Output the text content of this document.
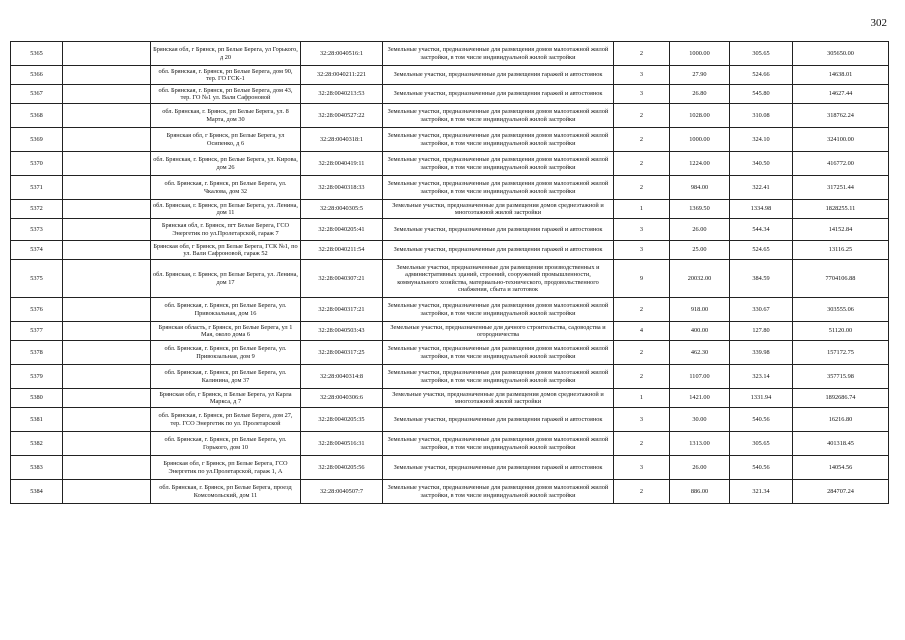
302
5365		Брянская обл, г Брянск, рп Белые Берега, ул Горького, д 20	32:28:0040516:1	Земельные участки, предназначенные для размещения домов малоэтажной жилой застройки, в том числе индивидуальной жилой застройки	2	1000.00	305.65	305650.00
5366		обл. Брянская, г. Брянск, рп Белые Берега, дом 90, тер. ГО ГСК-1	32:28:0040211:221	Земельные участки, предназначенные для размещения гаражей и автостоянок	3	27.90	524.66	14638.01
5367		обл. Брянская, г. Брянск, рп Белые Берега, дом 43, тер. ГО №1 ул. Вали Сафроновой	32:28:0040213:53	Земельные участки, предназначенные для размещения гаражей и автостоянок	3	26.80	545.80	14627.44
5368		обл. Брянская, г. Брянск, рп Белые Берега, ул. 8 Марта, дом 30	32:28:0040527:22	Земельные участки, предназначенные для размещения домов малоэтажной жилой застройки, в том числе индивидуальной жилой застройки	2	1028.00	310.08	318762.24
5369		Брянская обл, г Брянск, рп Белые Берега, ул Осипенко, д 6	32:28:0040318:1	Земельные участки, предназначенные для размещения домов малоэтажной жилой застройки, в том числе индивидуальной жилой застройки	2	1000.00	324.10	324100.00
5370		обл. Брянская, г. Брянск, рп Белые Берега, ул. Кирова, дом 26	32:28:0040419:11	Земельные участки, предназначенные для размещения домов малоэтажной жилой застройки, в том числе индивидуальной жилой застройки	2	1224.00	340.50	416772.00
5371		обл. Брянская, г. Брянск, рп Белые Берега, ул. Чкалова, дом 32	32:28:0040318:33	Земельные участки, предназначенные для размещения домов малоэтажной жилой застройки, в том числе индивидуальной жилой застройки	2	984.00	322.41	317251.44
5372		обл. Брянская, г. Брянск, рп Белые Берега, ул. Ленина, дом 11	32:28:0040305:5	Земельные участки, предназначенные для размещения домов среднеэтажной и многоэтажной жилой застройки	1	1369.50	1334.98	1828255.11
5373		Брянская обл, г. Брянск, пгт Белые Берега, ГСО Энергетик по ул.Пролетарской, гараж 7	32:28:0040205:41	Земельные участки, предназначенные для размещения гаражей и автостоянок	3	26.00	544.34	14152.84
5374		Брянская обл, г Брянск, рп Белые Берега, ГСК №1, по ул. Вали Сафроновой, гараж 52	32:28:0040211:54	Земельные участки, предназначенные для размещения гаражей и автостоянок	3	25.00	524.65	13116.25
5375		обл. Брянская, г. Брянск, рп Белые Берега, ул. Ленина, дом 17	32:28:0040307:21	Земельные участки, предназначенные для размещения производственных и административных зданий, строений, сооружений промышленности, коммунального хозяйства, материально-технического, продовольственного снабжения, сбыта и заготовок	9	20032.00	384.59	7704106.88
5376		обл. Брянская, г. Брянск, рп Белые Берега, ул. Привокзальная, дом 16	32:28:0040317:21	Земельные участки, предназначенные для размещения домов малоэтажной жилой застройки, в том числе индивидуальной жилой застройки	2	918.00	330.67	303555.06
5377		Брянская область, г Брянск, рп Белые Берега, ул 1 Мая, около дома 6	32:28:0040503:43	Земельные участки, предназначенные для дачного строительства, садоводства и огородничества	4	400.00	127.80	51120.00
5378		обл. Брянская, г. Брянск, рп Белые Берега, ул. Привокзальная, дом 9	32:28:0040317:25	Земельные участки, предназначенные для размещения домов малоэтажной жилой застройки, в том числе индивидуальной жилой застройки	2	462.30	339.98	157172.75
5379		обл. Брянская, г. Брянск, рп Белые Берега, ул. Калинина, дом 37	32:28:0040314:8	Земельные участки, предназначенные для размещения домов малоэтажной жилой застройки, в том числе индивидуальной жилой застройки	2	1107.00	323.14	357715.98
5380		Брянская обл, г Брянск, п Белые Берега, ул Карла Маркса, д 7	32:28:0040306:6	Земельные участки, предназначенные для размещения домов среднеэтажной и многоэтажной жилой застройки	1	1421.00	1331.94	1892686.74
5381		обл. Брянская, г. Брянск, рп Белые Берега, дом 27, тер. ГСО Энергетик по ул. Пролетарской	32:28:0040205:35	Земельные участки, предназначенные для размещения гаражей и автостоянок	3	30.00	540.56	16216.80
5382		обл. Брянская, г. Брянск, рп Белые Берега, ул. Горького, дом 10	32:28:0040516:31	Земельные участки, предназначенные для размещения домов малоэтажной жилой застройки, в том числе индивидуальной жилой застройки	2	1313.00	305.65	401318.45
5383		Брянская обл, г Брянск, рп Белые Берега, ГСО Энергетик по ул.Пролетарской, гараж 1, А	32:28:0040205:56	Земельные участки, предназначенные для размещения гаражей и автостоянок	3	26.00	540.56	14054.56
5384		обл. Брянская, г. Брянск, рп Белые Берега, проезд Комсомольский, дом 11	32:28:0040507:7	Земельные участки, предназначенные для размещения домов малоэтажной жилой застройки, в том числе индивидуальной жилой застройки	2	886.00	321.34	284707.24
